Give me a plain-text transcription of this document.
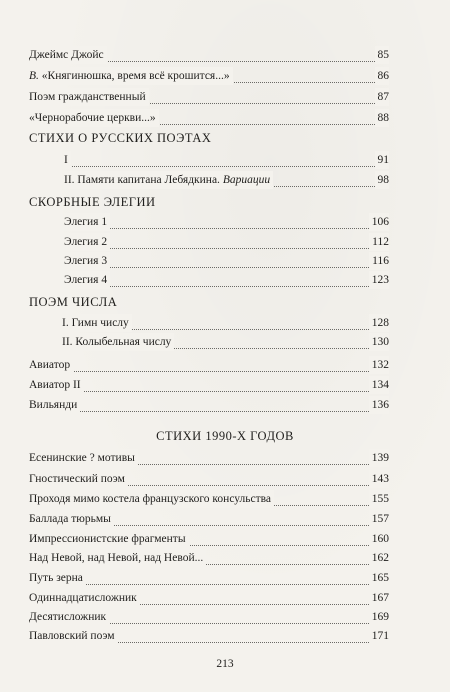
Джеймс Джойс	85
В. «Княгинюшка, время всё крошится...»	86
Поэм гражданственный	87
«Чернорабочие церкви...»	88
СТИХИ О РУССКИХ ПОЭТАХ
I	91
II. Памяти капитана Лебядкина. Вариации	98
СКОРБНЫЕ ЭЛЕГИИ
Элегия 1	106
Элегия 2	112
Элегия 3	116
Элегия 4	123
ПОЭМ ЧИСЛА
I. Гимн числу	128
II. Колыбельная числу	130
Авиатор	132
Авиатор II	134
Вильянди	136
СТИХИ 1990-Х ГОДОВ
Есенинские ? мотивы	139
Гностический поэм	143
Проходя мимо костела французского консульства	155
Баллада тюрьмы	157
Импрессионистские фрагменты	160
Над Невой, над Невой, над Невой...	162
Путь зерна	165
Одиннадцатисложник	167
Десятисложник	169
Павловский поэм	171
213
